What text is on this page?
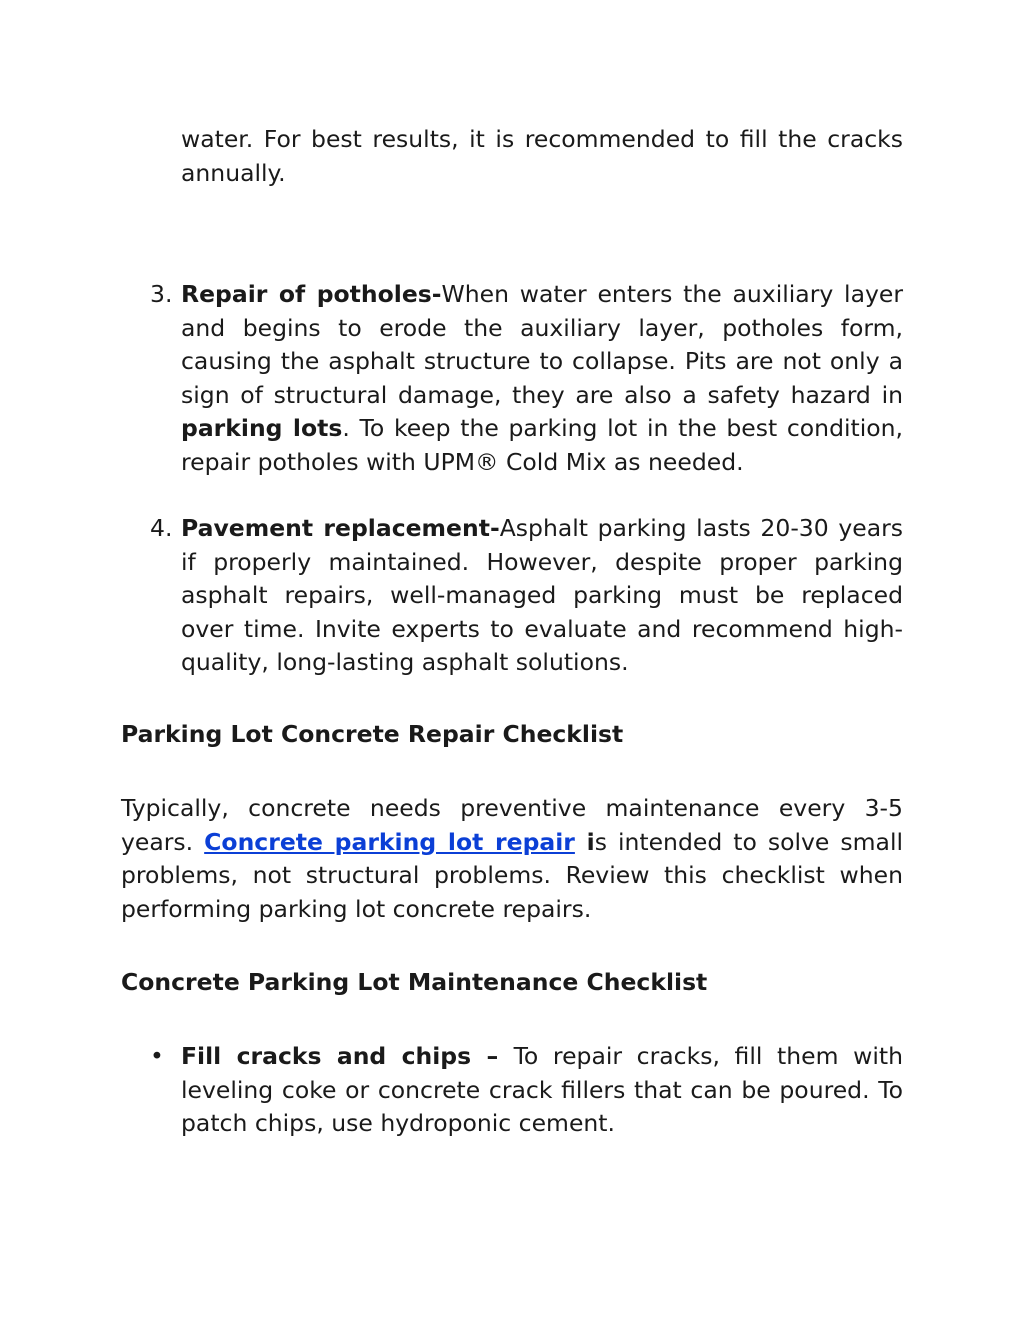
water. For best results, it is recommended to fill the cracks annually.

3. Repair of potholes-When water enters the auxiliary layer and begins to erode the auxiliary layer, potholes form, causing the asphalt structure to collapse. Pits are not only a sign of structural damage, they are also a safety hazard in parking lots. To keep the parking lot in the best condition, repair potholes with UPM® Cold Mix as needed.

4. Pavement replacement-Asphalt parking lasts 20-30 years if properly maintained. However, despite proper parking asphalt repairs, well-managed parking must be replaced over time. Invite experts to evaluate and recommend high-quality, long-lasting asphalt solutions.

Parking Lot Concrete Repair Checklist

Typically, concrete needs preventive maintenance every 3-5 years. Concrete parking lot repair is intended to solve small problems, not structural problems. Review this checklist when performing parking lot concrete repairs.

Concrete Parking Lot Maintenance Checklist
• Fill cracks and chips – To repair cracks, fill them with leveling coke or concrete crack fillers that can be poured. To patch chips, use hydroponic cement.
